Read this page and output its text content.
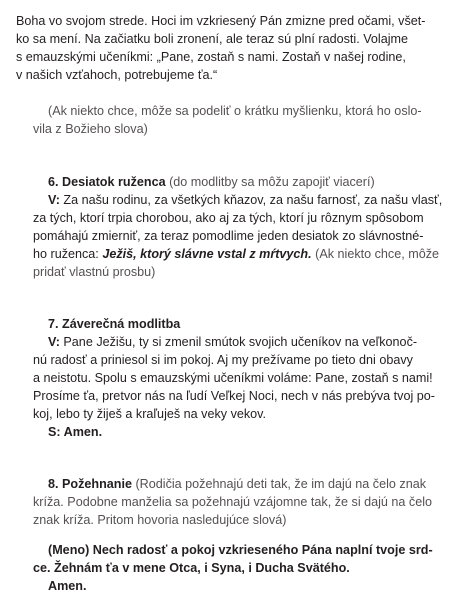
Boha vo svojom strede. Hoci im vzkriesený Pán zmizne pred očami, všet-
ko sa mení. Na začiatku boli zronení, ale teraz sú plní radosti. Volajme
s emauzskými učeníkmi: „Pane, zostaň s nami. Zostaň v našej rodine,
v našich vzťahoch, potrebujeme ťa.“
(Ak niekto chce, môže sa podeliť o krátku myšlienku, ktorá ho oslo-
vila z Božieho slova)
6. Desiatok ruženca (do modlitby sa môžu zapojiť viacerí)
V: Za našu rodinu, za všetkých kňazov, za našu farnosť, za našu vlasť,
za tých, ktorí trpia chorobou, ako aj za tých, ktorí ju rôznym spôsobom
pomáhajú zmierniť, za teraz pomodlime jeden desiatok zo slávnostné-
ho ruženca: Ježiš, ktorý slávne vstal z mŕtvych. (Ak niekto chce, môže
pridať vlastnú prosbu)
7. Záverečná modlitba
V: Pane Ježišu, ty si zmenil smútok svojich učeníkov na veľkonoč-
nú radosť a priniesol si im pokoj. Aj my prežívame po tieto dni obavy
a neistotu. Spolu s emauzskými učeníkmi voláme: Pane, zostaň s nami!
Prosíme ťa, pretvor nás na ľudí Veľkej Noci, nech v nás prebýva tvoj po-
koj, lebo ty žiješ a kraľuješ na veky vekov.
S: Amen.
8. Požehnanie (Rodičia požehnajú deti tak, že im dajú na čelo znak
kríža. Podobne manželia sa požehnajú vzájomne tak, že si dajú na čelo
znak kríža. Pritom hovoria nasledujúce slová)
(Meno) Nech radosť a pokoj vzkrieseného Pána naplní tvoje srd-
ce. Žehnám ťa v mene Otca, i Syna, i Ducha Svätého.
Amen.
